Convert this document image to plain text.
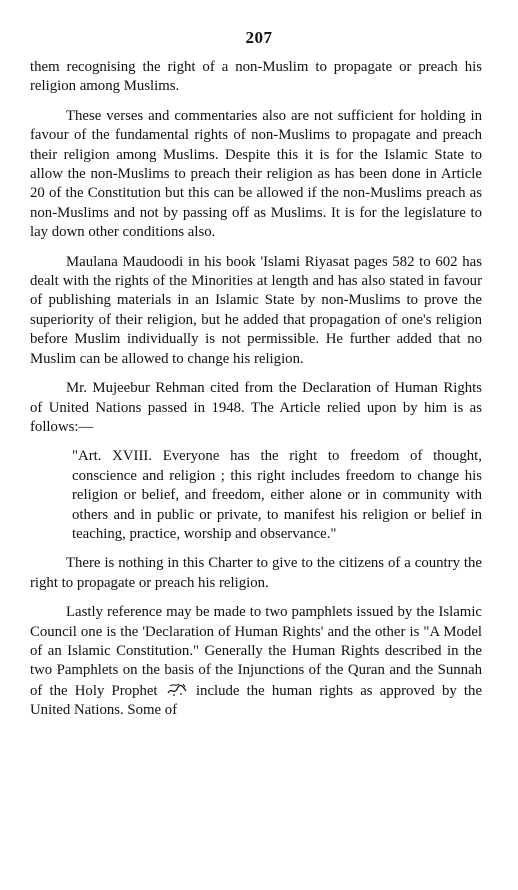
207

them recognising the right of a non-Muslim to propagate or preach his religion among Muslims.

These verses and commentaries also are not sufficient for holding in favour of the fundamental rights of non-Muslims to propagate and preach their religion among Muslims. Despite this it is for the Islamic State to allow the non-Muslims to preach their religion as has been done in Article 20 of the Constitution but this can be allowed if the non-Muslims preach as non-Muslims and not by passing off as Muslims. It is for the legislature to lay down other conditions also.

Maulana Maudoodi in his book 'Islami Riyasat pages 582 to 602 has dealt with the rights of the Minorities at length and has also stated in favour of publishing materials in an Islamic State by non-Muslims to prove the superiority of their religion, but he added that propagation of one's religion before Muslim individually is not permissible. He further added that no Muslim can be allowed to change his religion.

Mr. Mujeebur Rehman cited from the Declaration of Human Rights of United Nations passed in 1948. The Article relied upon by him is as follows:—

"Art. XVIII. Everyone has the right to freedom of thought, conscience and religion ; this right includes freedom to change his religion or belief, and freedom, either alone or in community with others and in public or private, to manifest his religion or belief in teaching, practice, worship and observance."

There is nothing in this Charter to give to the citizens of a country the right to propagate or preach his religion.

Lastly reference may be made to two pamphlets issued by the Islamic Council one is the 'Declaration of Human Rights' and the other is "A Model of an Islamic Constitution." Generally the Human Rights described in the two Pamphlets on the basis of the Injunctions of the Quran and the Sunnah of the Holy Prophet	include the human rights as approved by the United Nations. Some of
